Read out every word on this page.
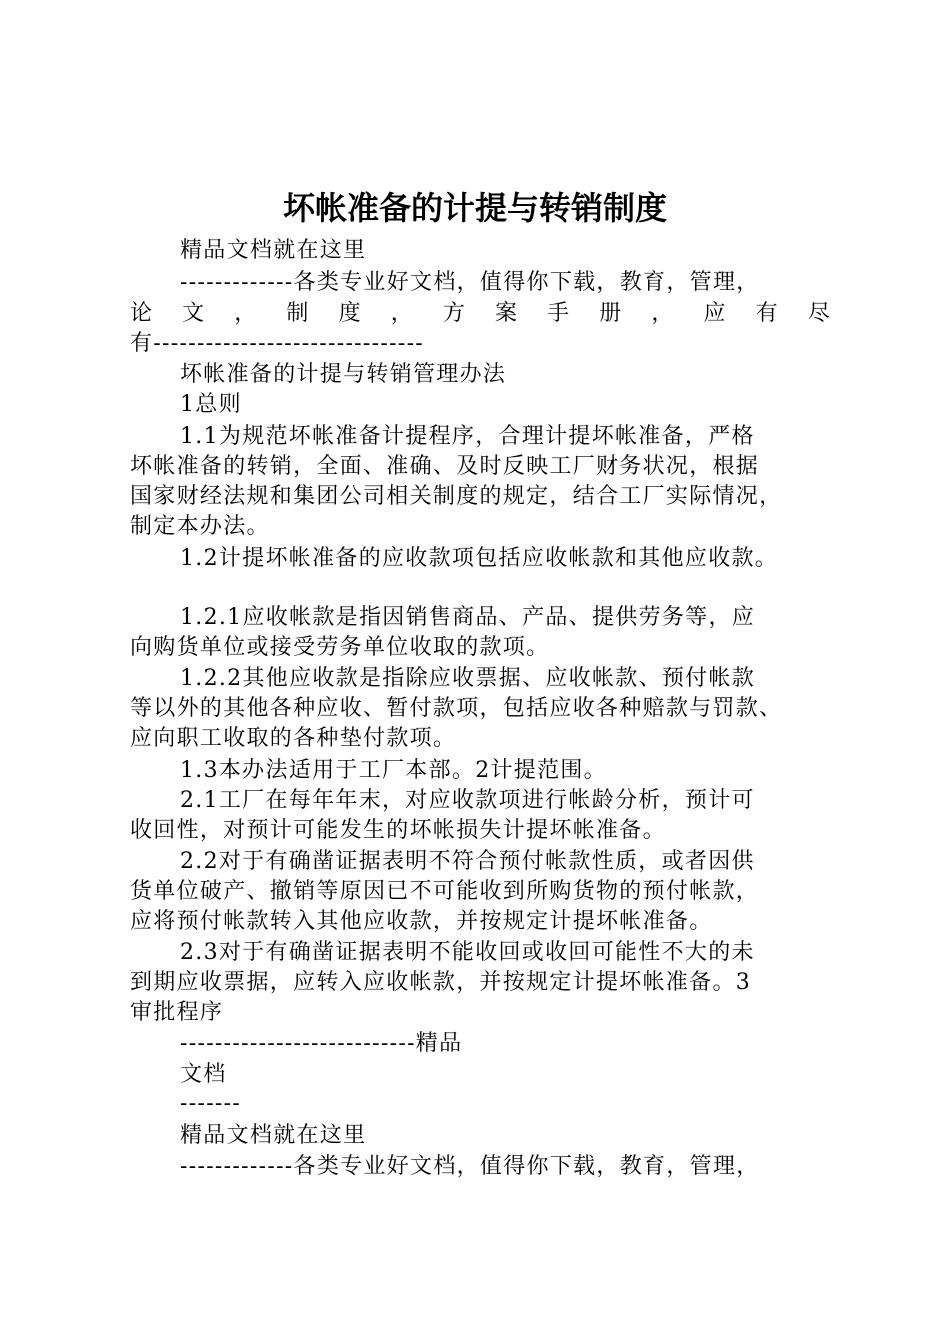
坏帐准备的计提与转销制度
精品文档就在这里
-------------各类专业好文档，值得你下载，教育，管理，
论 文 ， 制 度 ， 方 案 手 册 ， 应 有 尽
有-------------------------------
坏帐准备的计提与转销管理办法
1总则
1.1为规范坏帐准备计提程序，合理计提坏帐准备，严格
坏帐准备的转销，全面、准确、及时反映工厂财务状况，根据
国家财经法规和集团公司相关制度的规定，结合工厂实际情况，
制定本办法。
1.2计提坏帐准备的应收款项包括应收帐款和其他应收款。
1.2.1应收帐款是指因销售商品、产品、提供劳务等，应
向购货单位或接受劳务单位收取的款项。
1.2.2其他应收款是指除应收票据、应收帐款、预付帐款
等以外的其他各种应收、暂付款项，包括应收各种赔款与罚款、
应向职工收取的各种垫付款项。
1.3本办法适用于工厂本部。2计提范围。
2.1工厂在每年年末，对应收款项进行帐龄分析，预计可
收回性，对预计可能发生的坏帐损失计提坏帐准备。
2.2对于有确凿证据表明不符合预付帐款性质，或者因供
货单位破产、撤销等原因已不可能收到所购货物的预付帐款，
应将预付帐款转入其他应收款，并按规定计提坏帐准备。
2.3对于有确凿证据表明不能收回或收回可能性不大的未
到期应收票据，应转入应收帐款，并按规定计提坏帐准备。3
审批程序
---------------------------精品
文档
-------
精品文档就在这里
-------------各类专业好文档，值得你下载，教育，管理，
